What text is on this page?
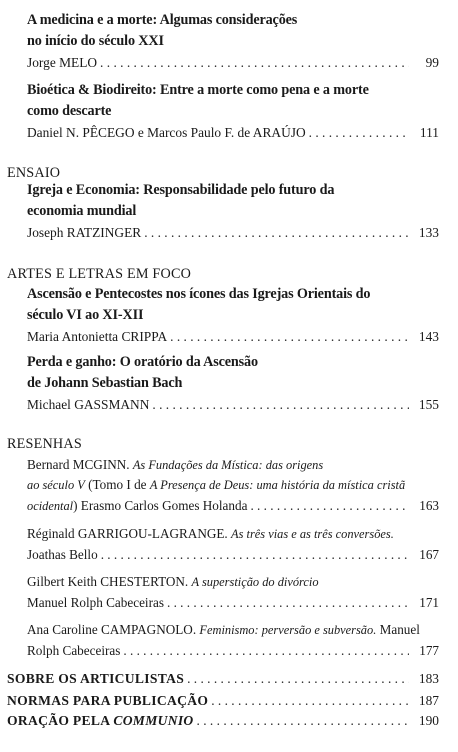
A medicina e a morte: Algumas considerações
no início do século XXI
Jorge MELO . . .	99
Bioética & Biodireito: Entre a morte como pena e a morte
como descarte
Daniel N. PÊCEGO e Marcos Paulo F. de ARAÚJO . . .	111
ENSAIO
Igreja e Economia: Responsabilidade pelo futuro da
economia mundial
Joseph RATZINGER . . .	133
ARTES E LETRAS EM FOCO
Ascensão e Pentecostes nos ícones das Igrejas Orientais do
século VI ao XI-XII
Maria Antonietta CRIPPA . . .	143
Perda e ganho: O oratório da Ascensão
de Johann Sebastian Bach
Michael GASSMANN . . .	155
RESENHAS
Bernard MCGINN. As Fundações da Mística: das origens
ao século V (Tomo I de A Presença de Deus: uma história da mística cristã
ocidental) Erasmo Carlos Gomes Holanda . . .	163
Réginald GARRIGOU-LAGRANGE. As três vias e as três conversões.
Joathas Bello . . .	167
Gilbert Keith CHESTERTON. A superstição do divórcio
Manuel Rolph Cabeceiras . . .	171
Ana Caroline CAMPAGNOLO. Feminismo: perversão e subversão. Manuel
Rolph Cabeceiras . . .	177
SOBRE OS ARTICULISTAS . . .	183
NORMAS PARA PUBLICAÇÃO . . .	187
ORAÇÃO PELA COMMUNIO . . .	190
